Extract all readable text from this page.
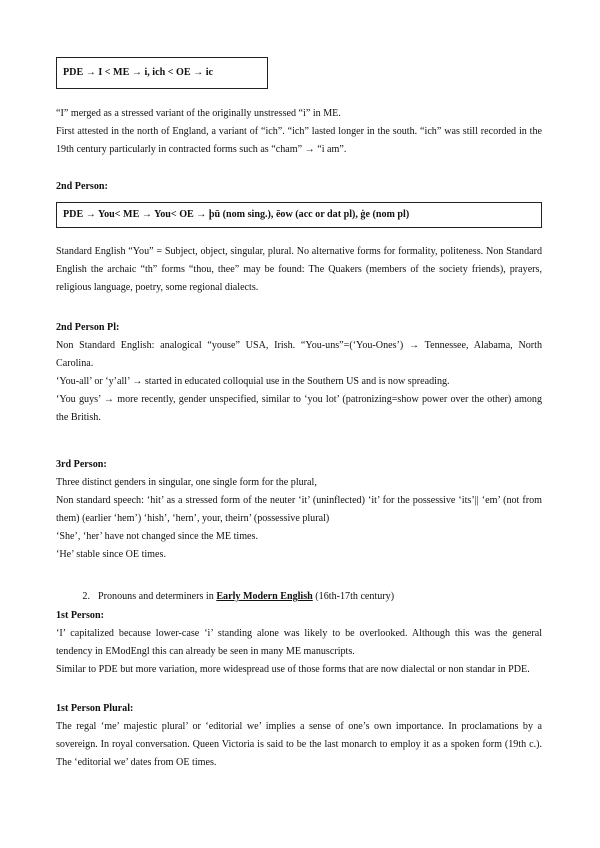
PDE → I < ME → i, ich < OE → ic

“I” merged as a stressed variant of the originally unstressed “i” in ME.

First attested in the north of England, a variant of “ich”. “ich” lasted longer in the south. “ich” was still recorded in the 19th century particularly in contracted forms such as “cham” → “i am”.

2nd Person:

PDE → You< ME → You< OE → þū (nom sing.), ēow (acc or dat pl), ġe (nom pl)

Standard English “You” = Subject, object, singular, plural. No alternative forms for formality, politeness. Non Standard English the archaic “th” forms “thou, thee” may be found: The Quakers (members of the society friends), prayers, religious language, poetry, some regional dialects.

2nd Person Pl:

Non Standard English: analogical “youse” USA, Irish. “You-uns”=(‘You-Ones’) → Tennessee, Alabama, North Carolina.

‘You-all’ or ‘y’all’ → started in educated colloquial use in the Southern US and is now spreading.

‘You guys’ → more recently, gender unspecified, similar to ‘you lot’ (patronizing=show power over the other) among the British.

3rd Person:

Three distinct genders in singular, one single form for the plural,

Non standard speech: ‘hit’ as a stressed form of the neuter ‘it’ (uninflected) ‘it’ for the possessive ‘its’|| ‘em’ (not from them) (earlier ‘hem’) ‘hish’, ‘hern’, your, theirn’ (possessive plural)

‘She’, ‘her’ have not changed since the ME times.

‘He’ stable since OE times.

2. Pronouns and determiners in Early Modern English (16th-17th century)

1st Person:

‘I’ capitalized because lower-case ‘i’ standing alone was likely to be overlooked. Although this was the general tendency in EModEngl this can already be seen in many ME manuscripts.

Similar to PDE but more variation, more widespread use of those forms that are now dialectal or non standar in PDE.

1st Person Plural:

The regal ‘me’ majestic plural’ or ‘editorial we’ implies a sense of one’s own importance. In proclamations by a sovereign. In royal conversation. Queen Victoria is said to be the last monarch to employ it as a spoken form (19th c.). The ‘editorial we’ dates from OE times.
